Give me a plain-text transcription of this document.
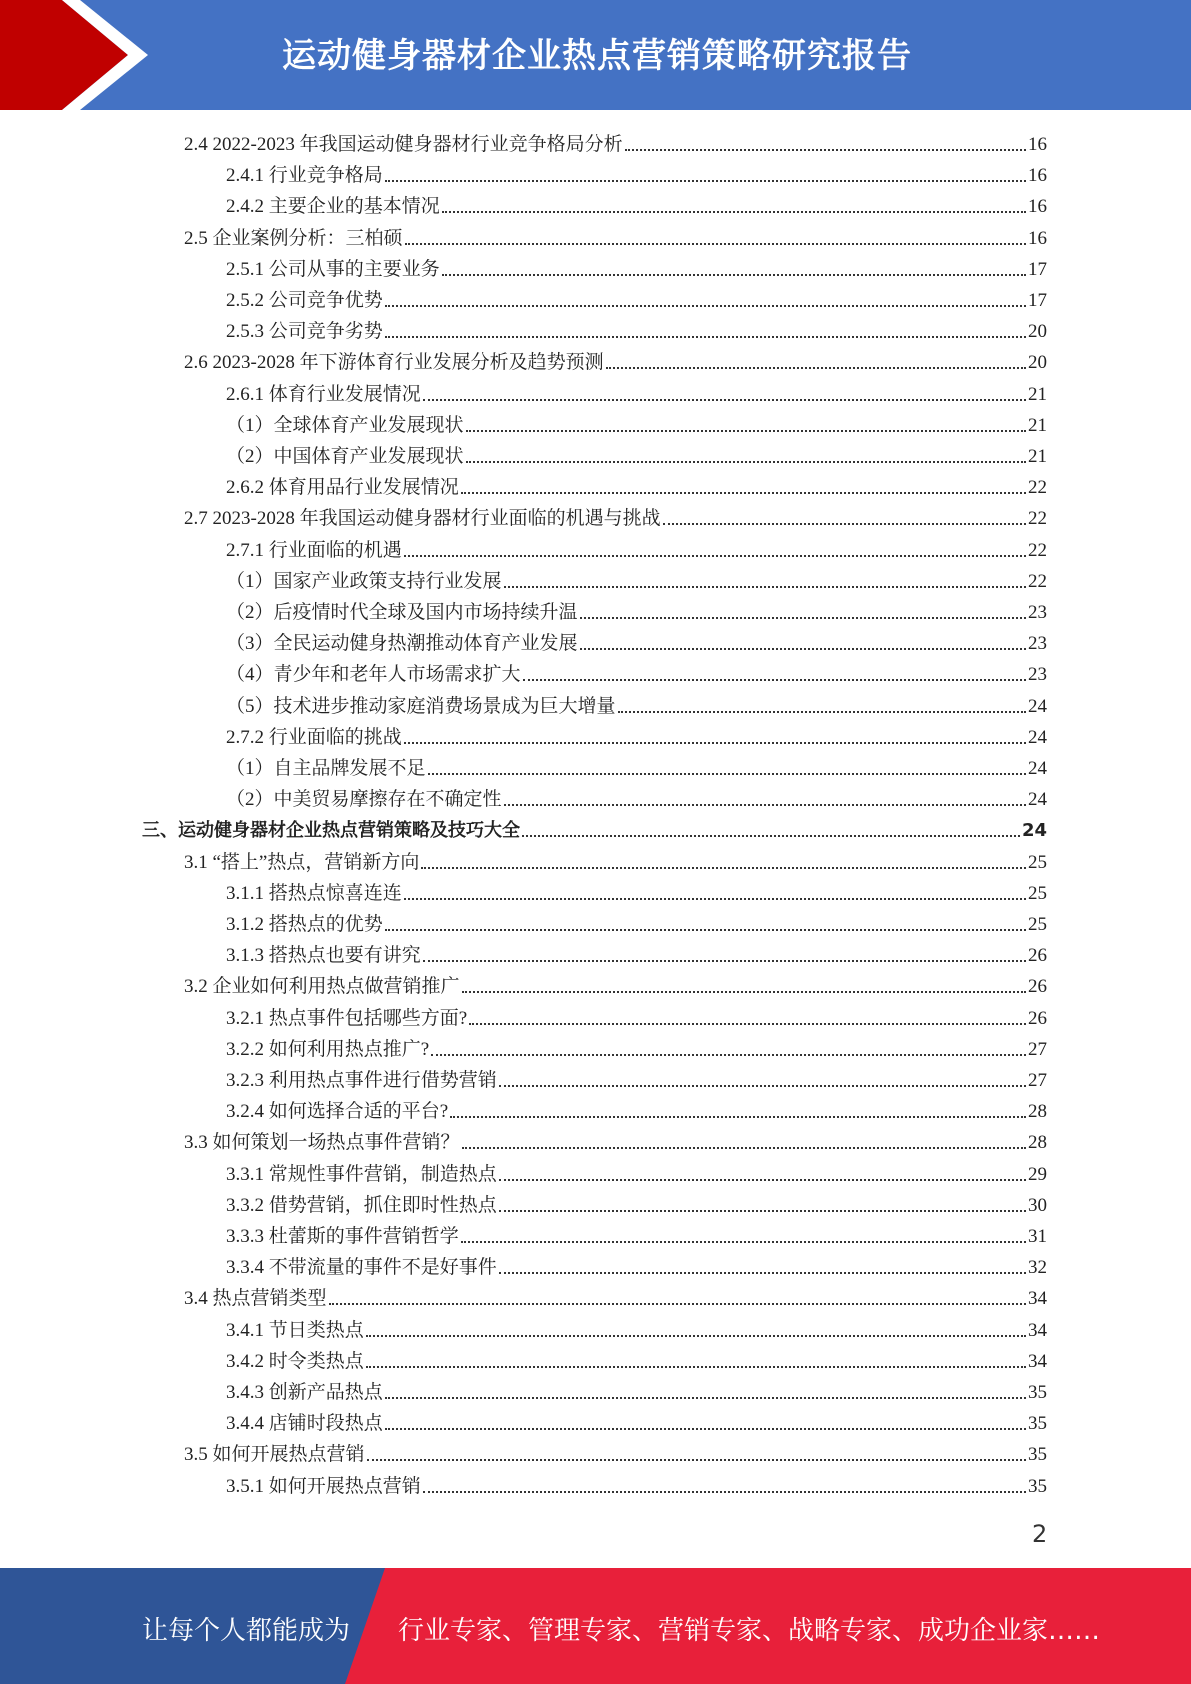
运动健身器材企业热点营销策略研究报告
2.4 2022-2023 年我国运动健身器材行业竞争格局分析	16
2.4.1 行业竞争格局	16
2.4.2 主要企业的基本情况	16
2.5 企业案例分析：三柏硕	16
2.5.1 公司从事的主要业务	17
2.5.2 公司竞争优势	17
2.5.3 公司竞争劣势	20
2.6 2023-2028 年下游体育行业发展分析及趋势预测	20
2.6.1 体育行业发展情况	21
（1）全球体育产业发展现状	21
（2）中国体育产业发展现状	21
2.6.2 体育用品行业发展情况	22
2.7 2023-2028 年我国运动健身器材行业面临的机遇与挑战	22
2.7.1 行业面临的机遇	22
（1）国家产业政策支持行业发展	22
（2）后疫情时代全球及国内市场持续升温	23
（3）全民运动健身热潮推动体育产业发展	23
（4）青少年和老年人市场需求扩大	23
（5）技术进步推动家庭消费场景成为巨大增量	24
2.7.2 行业面临的挑战	24
（1）自主品牌发展不足	24
（2）中美贸易摩擦存在不确定性	24
三、运动健身器材企业热点营销策略及技巧大全	24
3.1 “搭上”热点，营销新方向	25
3.1.1 搭热点惊喜连连	25
3.1.2 搭热点的优势	25
3.1.3 搭热点也要有讲究	26
3.2 企业如何利用热点做营销推广	26
3.2.1 热点事件包括哪些方面?	26
3.2.2 如何利用热点推广?	27
3.2.3 利用热点事件进行借势营销	27
3.2.4 如何选择合适的平台?	28
3.3 如何策划一场热点事件营销？	28
3.3.1 常规性事件营销，制造热点	29
3.3.2 借势营销，抓住即时性热点	30
3.3.3 杜蕾斯的事件营销哲学	31
3.3.4 不带流量的事件不是好事件	32
3.4 热点营销类型	34
3.4.1 节日类热点	34
3.4.2 时令类热点	34
3.4.3 创新产品热点	35
3.4.4 店铺时段热点	35
3.5 如何开展热点营销	35
3.5.1 如何开展热点营销	35
2
让每个人都能成为 行业专家、管理专家、营销专家、战略专家、成功企业家……
